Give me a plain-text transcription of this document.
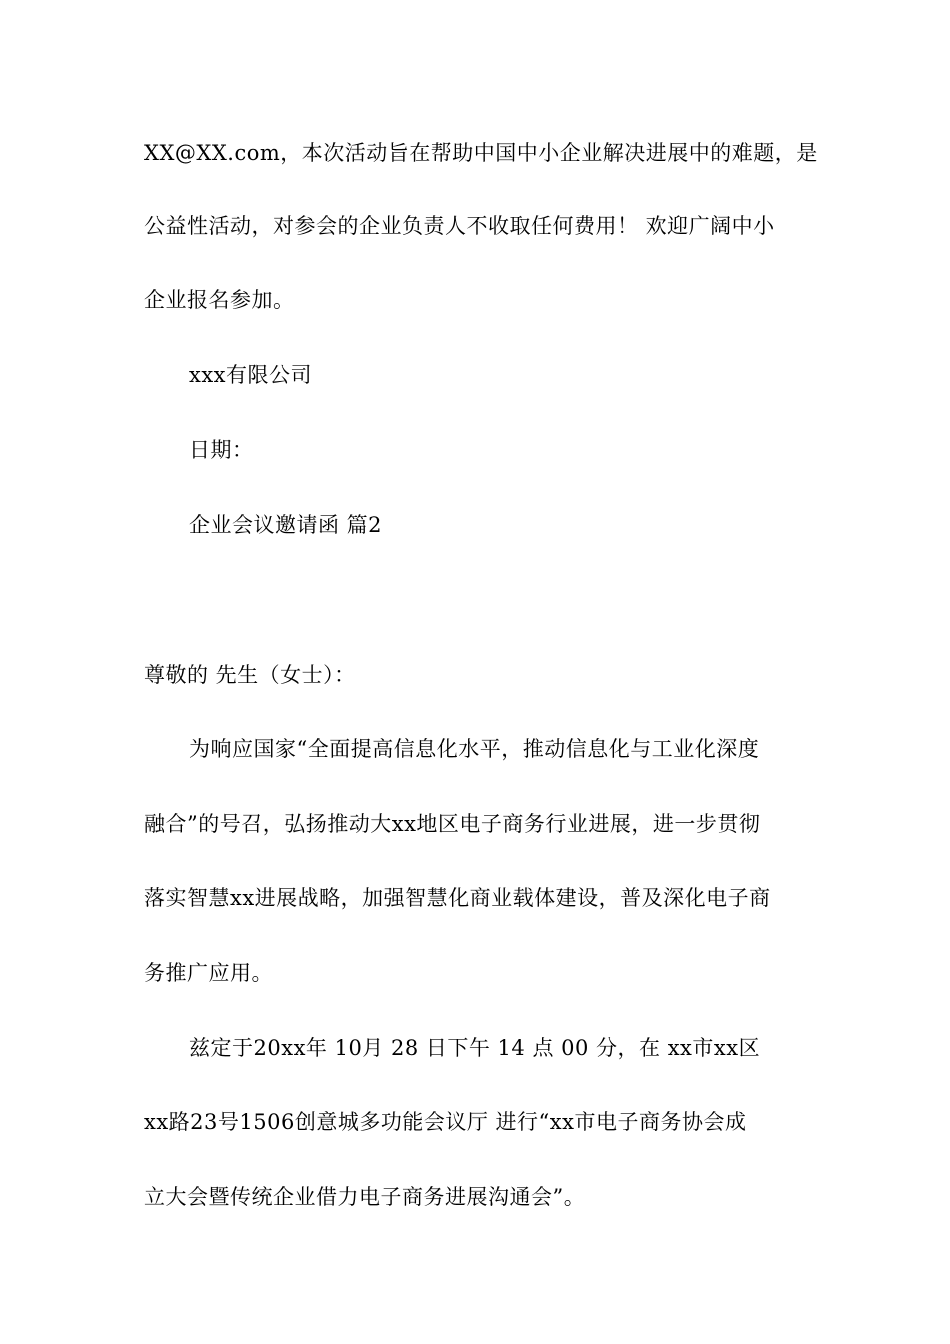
XX@XX.com，本次活动旨在帮助中国中小企业解决进展中的难题，是
公益性活动，对参会的企业负责人不收取任何费用！ 欢迎广阔中小
企业报名参加。
xxx有限公司
日期：
企业会议邀请函 篇2
尊敬的 先生（女士）：
为响应国家“全面提高信息化水平，推动信息化与工业化深度
融合”的号召，弘扬推动大xx地区电子商务行业进展，进一步贯彻
落实智慧xx进展战略，加强智慧化商业载体建设，普及深化电子商
务推广应用。
兹定于20xx年 10月 28 日下午 14 点 00 分，在 xx市xx区
xx路23号1506创意城多功能会议厅 进行“xx市电子商务协会成
立大会暨传统企业借力电子商务进展沟通会”。
